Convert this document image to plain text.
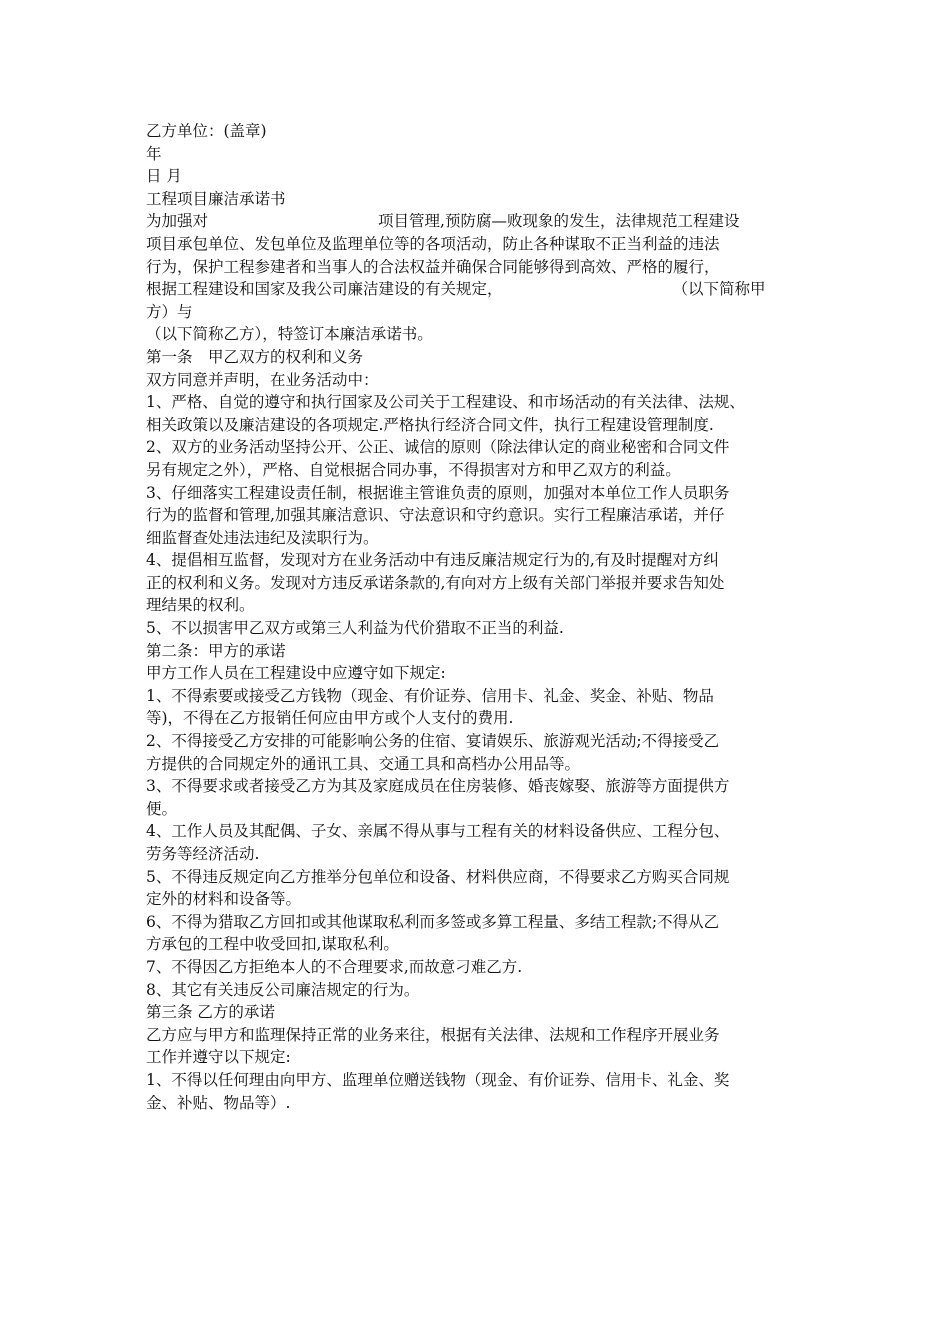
乙方单位：(盖章)
年
日 月
工程项目廉洁承诺书
为加强对	项目管理,预防腐—败现象的发生，法律规范工程建设
项目承包单位、发包单位及监理单位等的各项活动，防止各种谋取不正当利益的违法
行为，保护工程参建者和当事人的合法权益并确保合同能够得到高效、严格的履行，
根据工程建设和国家及我公司廉洁建设的有关规定，	（以下简称甲
方）与
（以下简称乙方），特签订本廉洁承诺书。
第一条　甲乙双方的权利和义务
双方同意并声明，在业务活动中：
1、严格、自觉的遵守和执行国家及公司关于工程建设、和市场活动的有关法律、法规、
相关政策以及廉洁建设的各项规定.严格执行经济合同文件，执行工程建设管理制度.
2、双方的业务活动坚持公开、公正、诚信的原则（除法律认定的商业秘密和合同文件
另有规定之外），严格、自觉根据合同办事，不得损害对方和甲乙双方的利益。
3、仔细落实工程建设责任制，根据谁主管谁负责的原则，加强对本单位工作人员职务
行为的监督和管理,加强其廉洁意识、守法意识和守约意识。实行工程廉洁承诺，并仔
细监督查处违法违纪及渎职行为。
4、提倡相互监督，发现对方在业务活动中有违反廉洁规定行为的,有及时提醒对方纠
正的权利和义务。发现对方违反承诺条款的,有向对方上级有关部门举报并要求告知处
理结果的权利。
5、不以损害甲乙双方或第三人利益为代价猎取不正当的利益.
第二条：甲方的承诺
甲方工作人员在工程建设中应遵守如下规定:
1、不得索要或接受乙方钱物（现金、有价证券、信用卡、礼金、奖金、补贴、物品
等)，不得在乙方报销任何应由甲方或个人支付的费用.
2、不得接受乙方安排的可能影响公务的住宿、宴请娱乐、旅游观光活动;不得接受乙
方提供的合同规定外的通讯工具、交通工具和高档办公用品等。
3、不得要求或者接受乙方为其及家庭成员在住房装修、婚丧嫁娶、旅游等方面提供方
便。
4、工作人员及其配偶、子女、亲属不得从事与工程有关的材料设备供应、工程分包、
劳务等经济活动.
5、不得违反规定向乙方推举分包单位和设备、材料供应商，不得要求乙方购买合同规
定外的材料和设备等。
6、不得为猎取乙方回扣或其他谋取私利而多签或多算工程量、多结工程款;不得从乙
方承包的工程中收受回扣,谋取私利。
7、不得因乙方拒绝本人的不合理要求,而故意刁难乙方.
8、其它有关违反公司廉洁规定的行为。
第三条 乙方的承诺
乙方应与甲方和监理保持正常的业务来往，根据有关法律、法规和工作程序开展业务
工作并遵守以下规定:
1、不得以任何理由向甲方、监理单位赠送钱物（现金、有价证券、信用卡、礼金、奖
金、补贴、物品等）.
